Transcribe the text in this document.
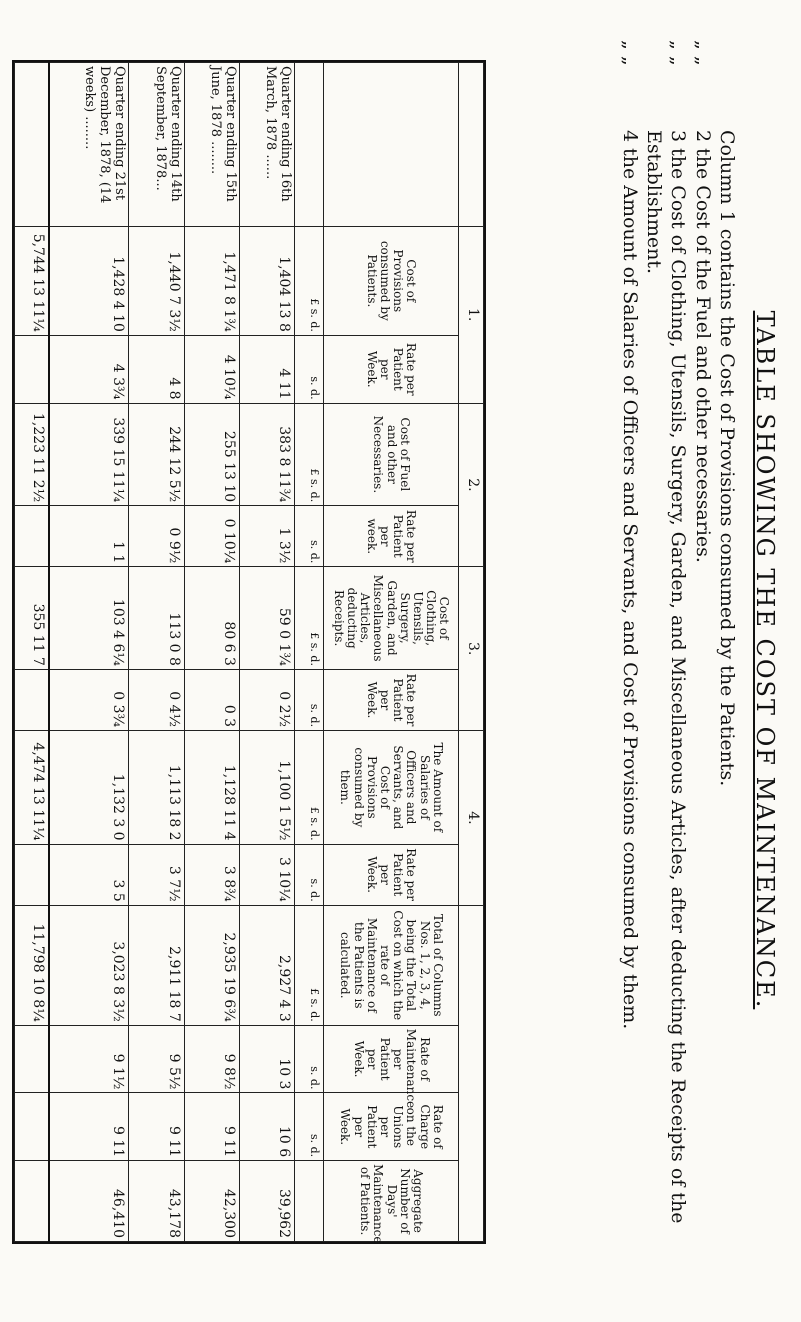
TABLE SHOWING THE COST OF MAINTENANCE.
Column 1 contains the Cost of Provisions consumed by the Patients.
„ „
2 the Cost of the Fuel and other necessaries.
„ „
3 the Cost of Clothing, Utensils, Surgery, Garden, and Miscellaneous Articles, after deducting the Receipts of the Establishment.
„ „
4 the Amount of Salaries of Officers and Servants, and Cost of Provisions consumed by them.
	1.		2.		3.		4.					
	Cost of Provisions consumed by Patients.	Rate per Patient per Week.	Cost of Fuel and other Necessaries.	Rate per Patient per week.	Cost of Clothing, Utensils, Surgery, Garden, and Miscellaneous Articles, deducting Receipts.	Rate per Patient per Week.	The Amount of Salaries of Officers and Servants, and Cost of Provisions consumed by them.	Rate per Patient per Week.	Total of Columns Nos. 1, 2, 3, 4, being the Total Cost on which the rate of Maintenance of the Patients is calculated.	Rate of Maintenance per Patient per Week.	Rate of Charge on the Unions per Patient per Week.	Aggregate Number of Days' Maintenance of Patients.
	£ s. d.	s. d.	£ s. d.	s. d.	£ s. d.	s. d.	£ s. d.	s. d.	£ s. d.	s. d.	s. d.	
Quarter ending 16th March, 1878 ......	1,404 13 8	4 11	383 8 11¾	1 3½	59 0 1¾	0 2½	1,100 1 5½	3 10¼	2,927 4 3	10 3	10 6	39,962
Quarter ending 15th June, 1878 ........	1,471 8 1¾	4 10¼	255 13 10	0 10¼	80 6 3	0 3	1,128 11 4	3 8¾	2,935 19 6¾	9 8½	9 11	42,300
Quarter ending 14th September, 1878...	1,440 7 3½	4 8	244 12 5½	0 9½	113 0 8	0 4½	1,113 18 2	3 7½	2,911 18 7	9 5½	9 11	43,178
Quarter ending 21st December, 1878, (14 weeks) ........	1,428 4 10	4 3¾	339 15 11¼	1 1	103 4 6¼	0 3¾	1,132 3 0	3 5	3,023 8 3½	9 1½	9 11	46,410
	5,744 13 11¼		1,223 11 2½		355 11 7		4,474 13 11¼		11,798 10 8¼			
